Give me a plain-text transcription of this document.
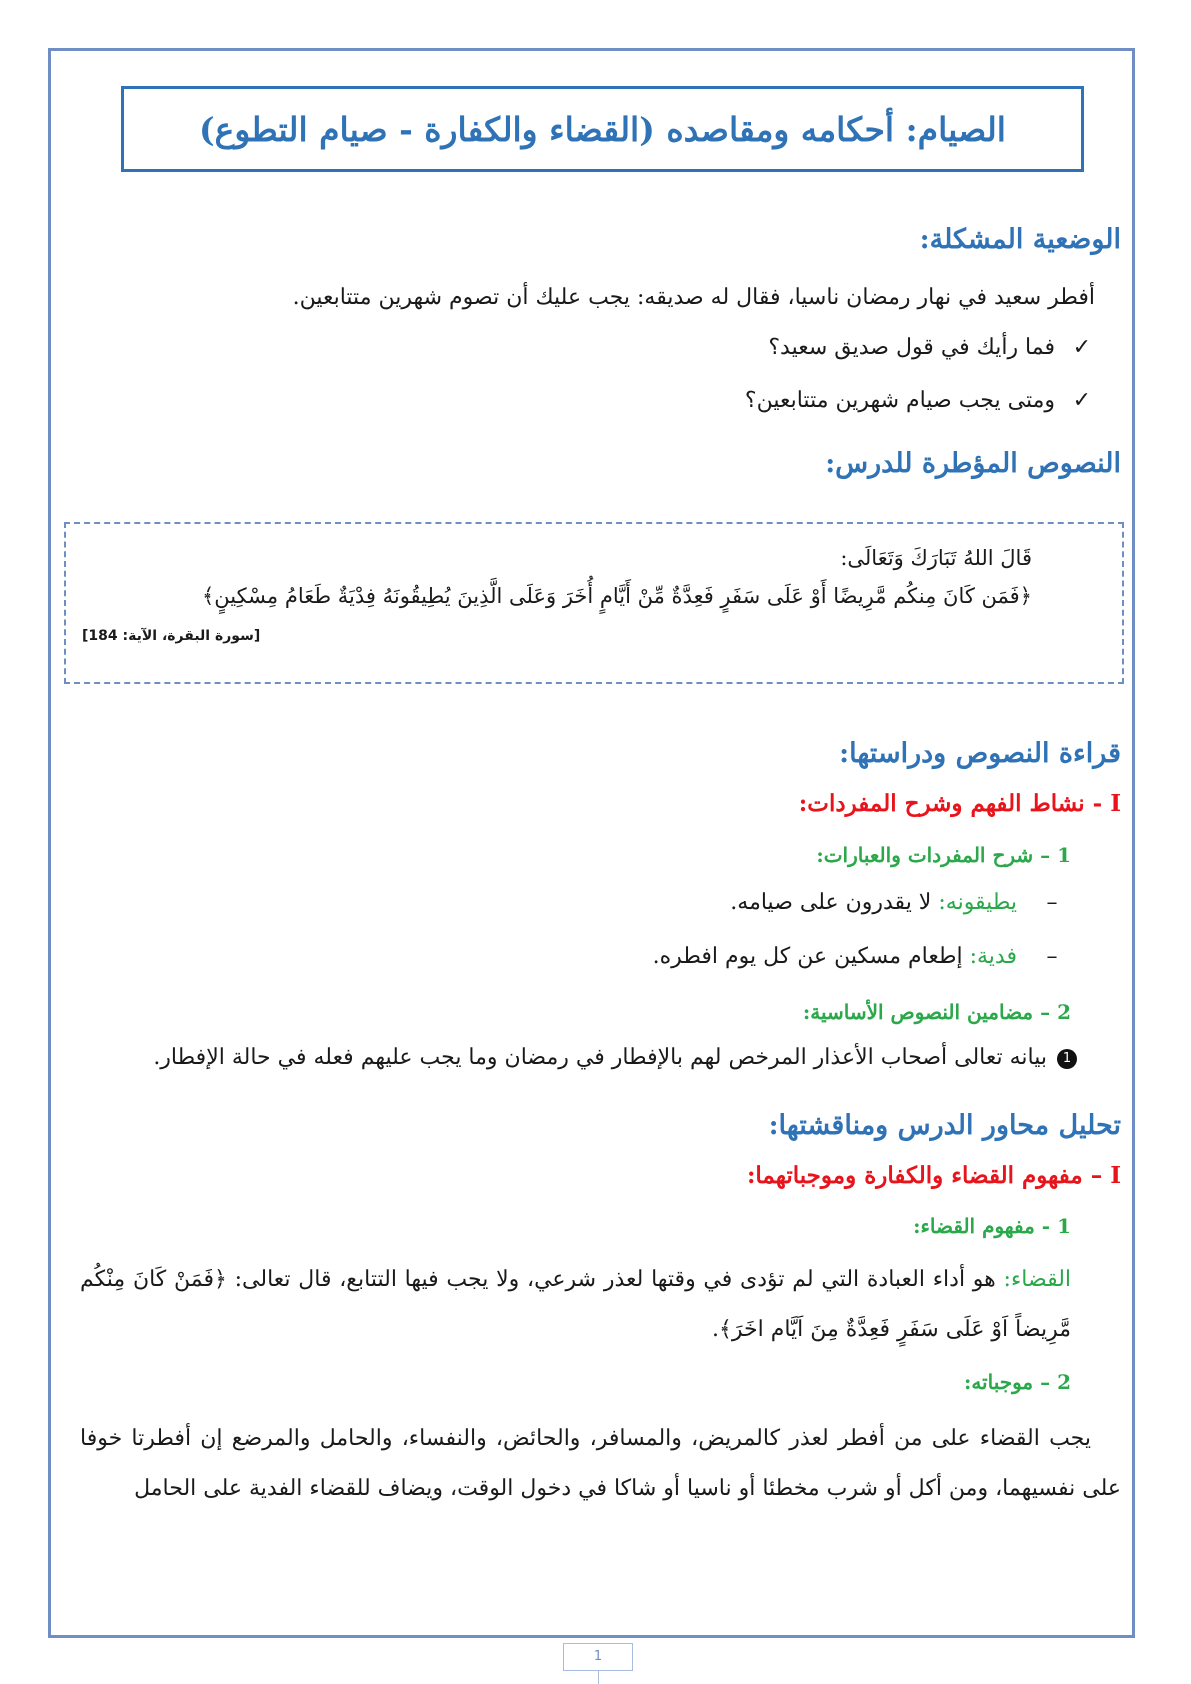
الصيام: أحكامه ومقاصده (القضاء والكفارة - صيام التطوع)
الوضعية المشكلة:
أفطر سعيد في نهار رمضان ناسيا، فقال له صديقه: يجب عليك أن تصوم شهرين متتابعين.
✓فما رأيك في قول صديق سعيد؟
✓ومتى يجب صيام شهرين متتابعين؟
النصوص المؤطرة للدرس:
قَالَ اللهُ تَبَارَكَ وَتَعَالَى:
﴿فَمَن كَانَ مِنكُم مَّرِيضًا أَوْ عَلَى سَفَرٍ فَعِدَّةٌ مِّنْ أَيَّامٍ أُخَرَ وَعَلَى الَّذِينَ يُطِيقُونَهُ فِدْيَةٌ طَعَامُ مِسْكِينٍ﴾
[سورة البقرة، الآية: 184]
قراءة النصوص ودراستها:
I - نشاط الفهم وشرح المفردات:
1 – شرح المفردات والعبارات:
–يطيقونه: لا يقدرون على صيامه.
–فدية: إطعام مسكين عن كل يوم افطره.
2 – مضامين النصوص الأساسية:
1بيانه تعالى أصحاب الأعذار المرخص لهم بالإفطار في رمضان وما يجب عليهم فعله في حالة الإفطار.
تحليل محاور الدرس ومناقشتها:
I – مفهوم القضاء والكفارة وموجباتهما:
1 - مفهوم القضاء:
القضاء: هو أداء العبادة التي لم تؤدى في وقتها لعذر شرعي، ولا يجب فيها التتابع، قال تعالى: ﴿فَمَنْ كَانَ مِنْكُم مَّرِيضاً اَوْ عَلَى سَفَرٍ فَعِدَّةٌ مِنَ اَيَّام اخَرَ﴾.
2 – موجباته:
يجب القضاء على من أفطر لعذر كالمريض، والمسافر، والحائض، والنفساء، والحامل والمرضع إن أفطرتا خوفا على نفسيهما، ومن أكل أو شرب مخطئا أو ناسيا أو شاكا في دخول الوقت، ويضاف للقضاء الفدية على الحامل
1
